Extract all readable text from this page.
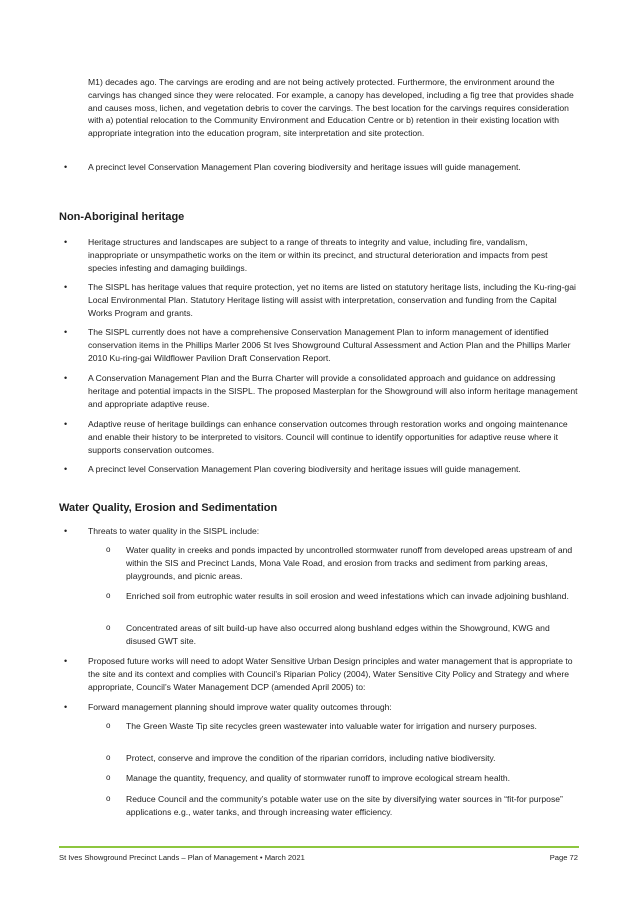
M1) decades ago. The carvings are eroding and are not being actively protected. Furthermore, the environment around the carvings has changed since they were relocated. For example, a canopy has developed, including a fig tree that provides shade and causes moss, lichen, and vegetation debris to cover the carvings. The best location for the carvings requires consideration with a) potential relocation to the Community Environment and Education Centre or b) retention in their existing location with appropriate integration into the education program, site interpretation and site protection.

• A precinct level Conservation Management Plan covering biodiversity and heritage issues will guide management.

Non-Aboriginal heritage

• Heritage structures and landscapes are subject to a range of threats to integrity and value, including fire, vandalism, inappropriate or unsympathetic works on the item or within its precinct, and structural deterioration and impacts from pest species infesting and damaging buildings.

• The SISPL has heritage values that require protection, yet no items are listed on statutory heritage lists, including the Ku-ring-gai Local Environmental Plan. Statutory Heritage listing will assist with interpretation, conservation and funding from the Capital Works Program and grants.

• The SISPL currently does not have a comprehensive Conservation Management Plan to inform management of identified conservation items in the Phillips Marler 2006 St Ives Showground Cultural Assessment and Action Plan and the Phillips Marler 2010 Ku-ring-gai Wildflower Pavilion Draft Conservation Report.

• A Conservation Management Plan and the Burra Charter will provide a consolidated approach and guidance on addressing heritage and potential impacts in the SISPL. The proposed Masterplan for the Showground will also inform heritage management and appropriate adaptive reuse.

• Adaptive reuse of heritage buildings can enhance conservation outcomes through restoration works and ongoing maintenance and enable their history to be interpreted to visitors. Council will continue to identify opportunities for adaptive reuse where it supports conservation outcomes.

• A precinct level Conservation Management Plan covering biodiversity and heritage issues will guide management.

Water Quality, Erosion and Sedimentation

• Threats to water quality in the SISPL include:

o Water quality in creeks and ponds impacted by uncontrolled stormwater runoff from developed areas upstream of and within the SIS and Precinct Lands, Mona Vale Road, and erosion from tracks and sediment from parking areas, playgrounds, and picnic areas.

o Enriched soil from eutrophic water results in soil erosion and weed infestations which can invade adjoining bushland.

o Concentrated areas of silt build-up have also occurred along bushland edges within the Showground, KWG and disused GWT site.

• Proposed future works will need to adopt Water Sensitive Urban Design principles and water management that is appropriate to the site and its context and complies with Council’s Riparian Policy (2004), Water Sensitive City Policy and Strategy and where appropriate, Council’s Water Management DCP (amended April 2005) to:

• Forward management planning should improve water quality outcomes through:

o The Green Waste Tip site recycles green wastewater into valuable water for irrigation and nursery purposes.

o Protect, conserve and improve the condition of the riparian corridors, including native biodiversity.

o Manage the quantity, frequency, and quality of stormwater runoff to improve ecological stream health.

o Reduce Council and the community’s potable water use on the site by diversifying water sources in “fit-for purpose” applications e.g., water tanks, and through increasing water efficiency.

St Ives Showground Precinct Lands – Plan of Management • March 2021	Page 72
